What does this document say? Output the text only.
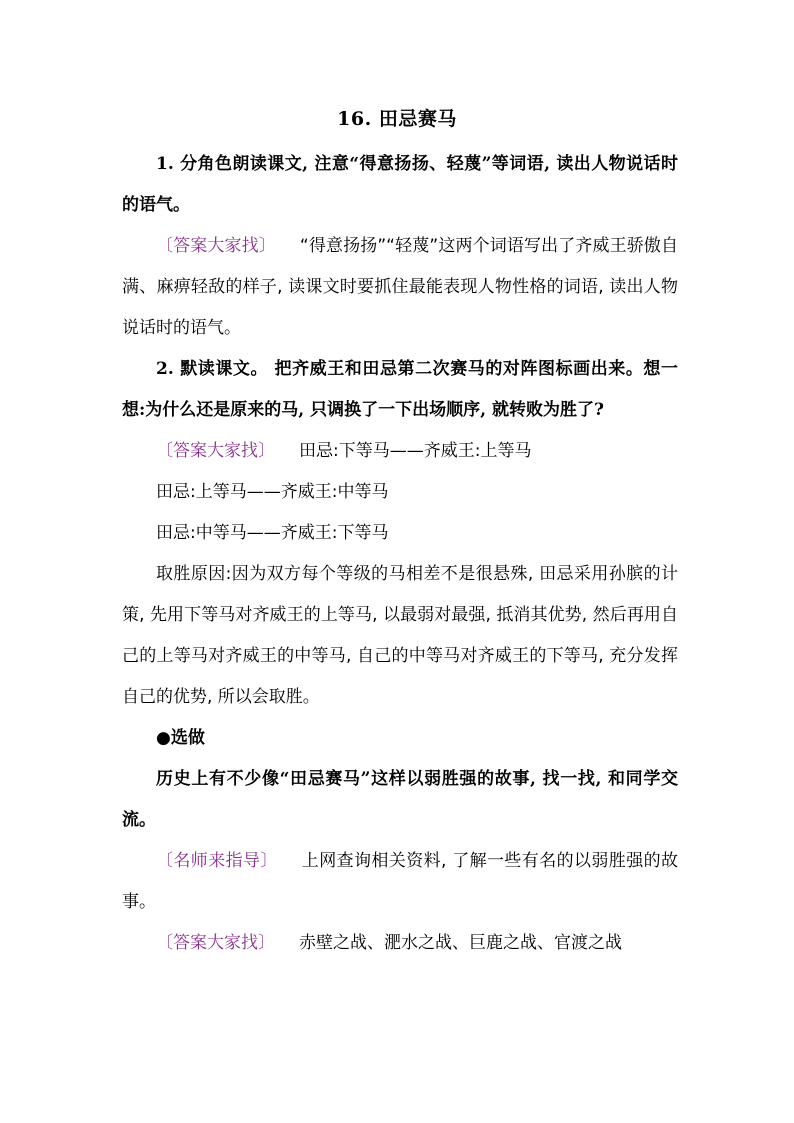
16. 田忌赛马

1. 分角色朗读课文, 注意“得意扬扬、轻蔑”等词语, 读出人物说话时的语气。

〔答案大家找〕 “得意扬扬”“轻蔑”这两个词语写出了齐威王骄傲自满、麻痹轻敌的样子, 读课文时要抓住最能表现人物性格的词语, 读出人物说话时的语气。

2. 默读课文。 把齐威王和田忌第二次赛马的对阵图标画出来。想一想:为什么还是原来的马, 只调换了一下出场顺序, 就转败为胜了?

〔答案大家找〕 田忌:下等马——齐威王:上等马

田忌:上等马——齐威王:中等马

田忌:中等马——齐威王:下等马

取胜原因:因为双方每个等级的马相差不是很悬殊, 田忌采用孙膑的计策, 先用下等马对齐威王的上等马, 以最弱对最强, 抵消其优势, 然后再用自己的上等马对齐威王的中等马, 自己的中等马对齐威王的下等马, 充分发挥自己的优势, 所以会取胜。

●选做

历史上有不少像“田忌赛马”这样以弱胜强的故事, 找一找, 和同学交流。

〔名师来指导〕 上网查询相关资料, 了解一些有名的以弱胜强的故事。

〔答案大家找〕 赤壁之战、淝水之战、巨鹿之战、官渡之战
